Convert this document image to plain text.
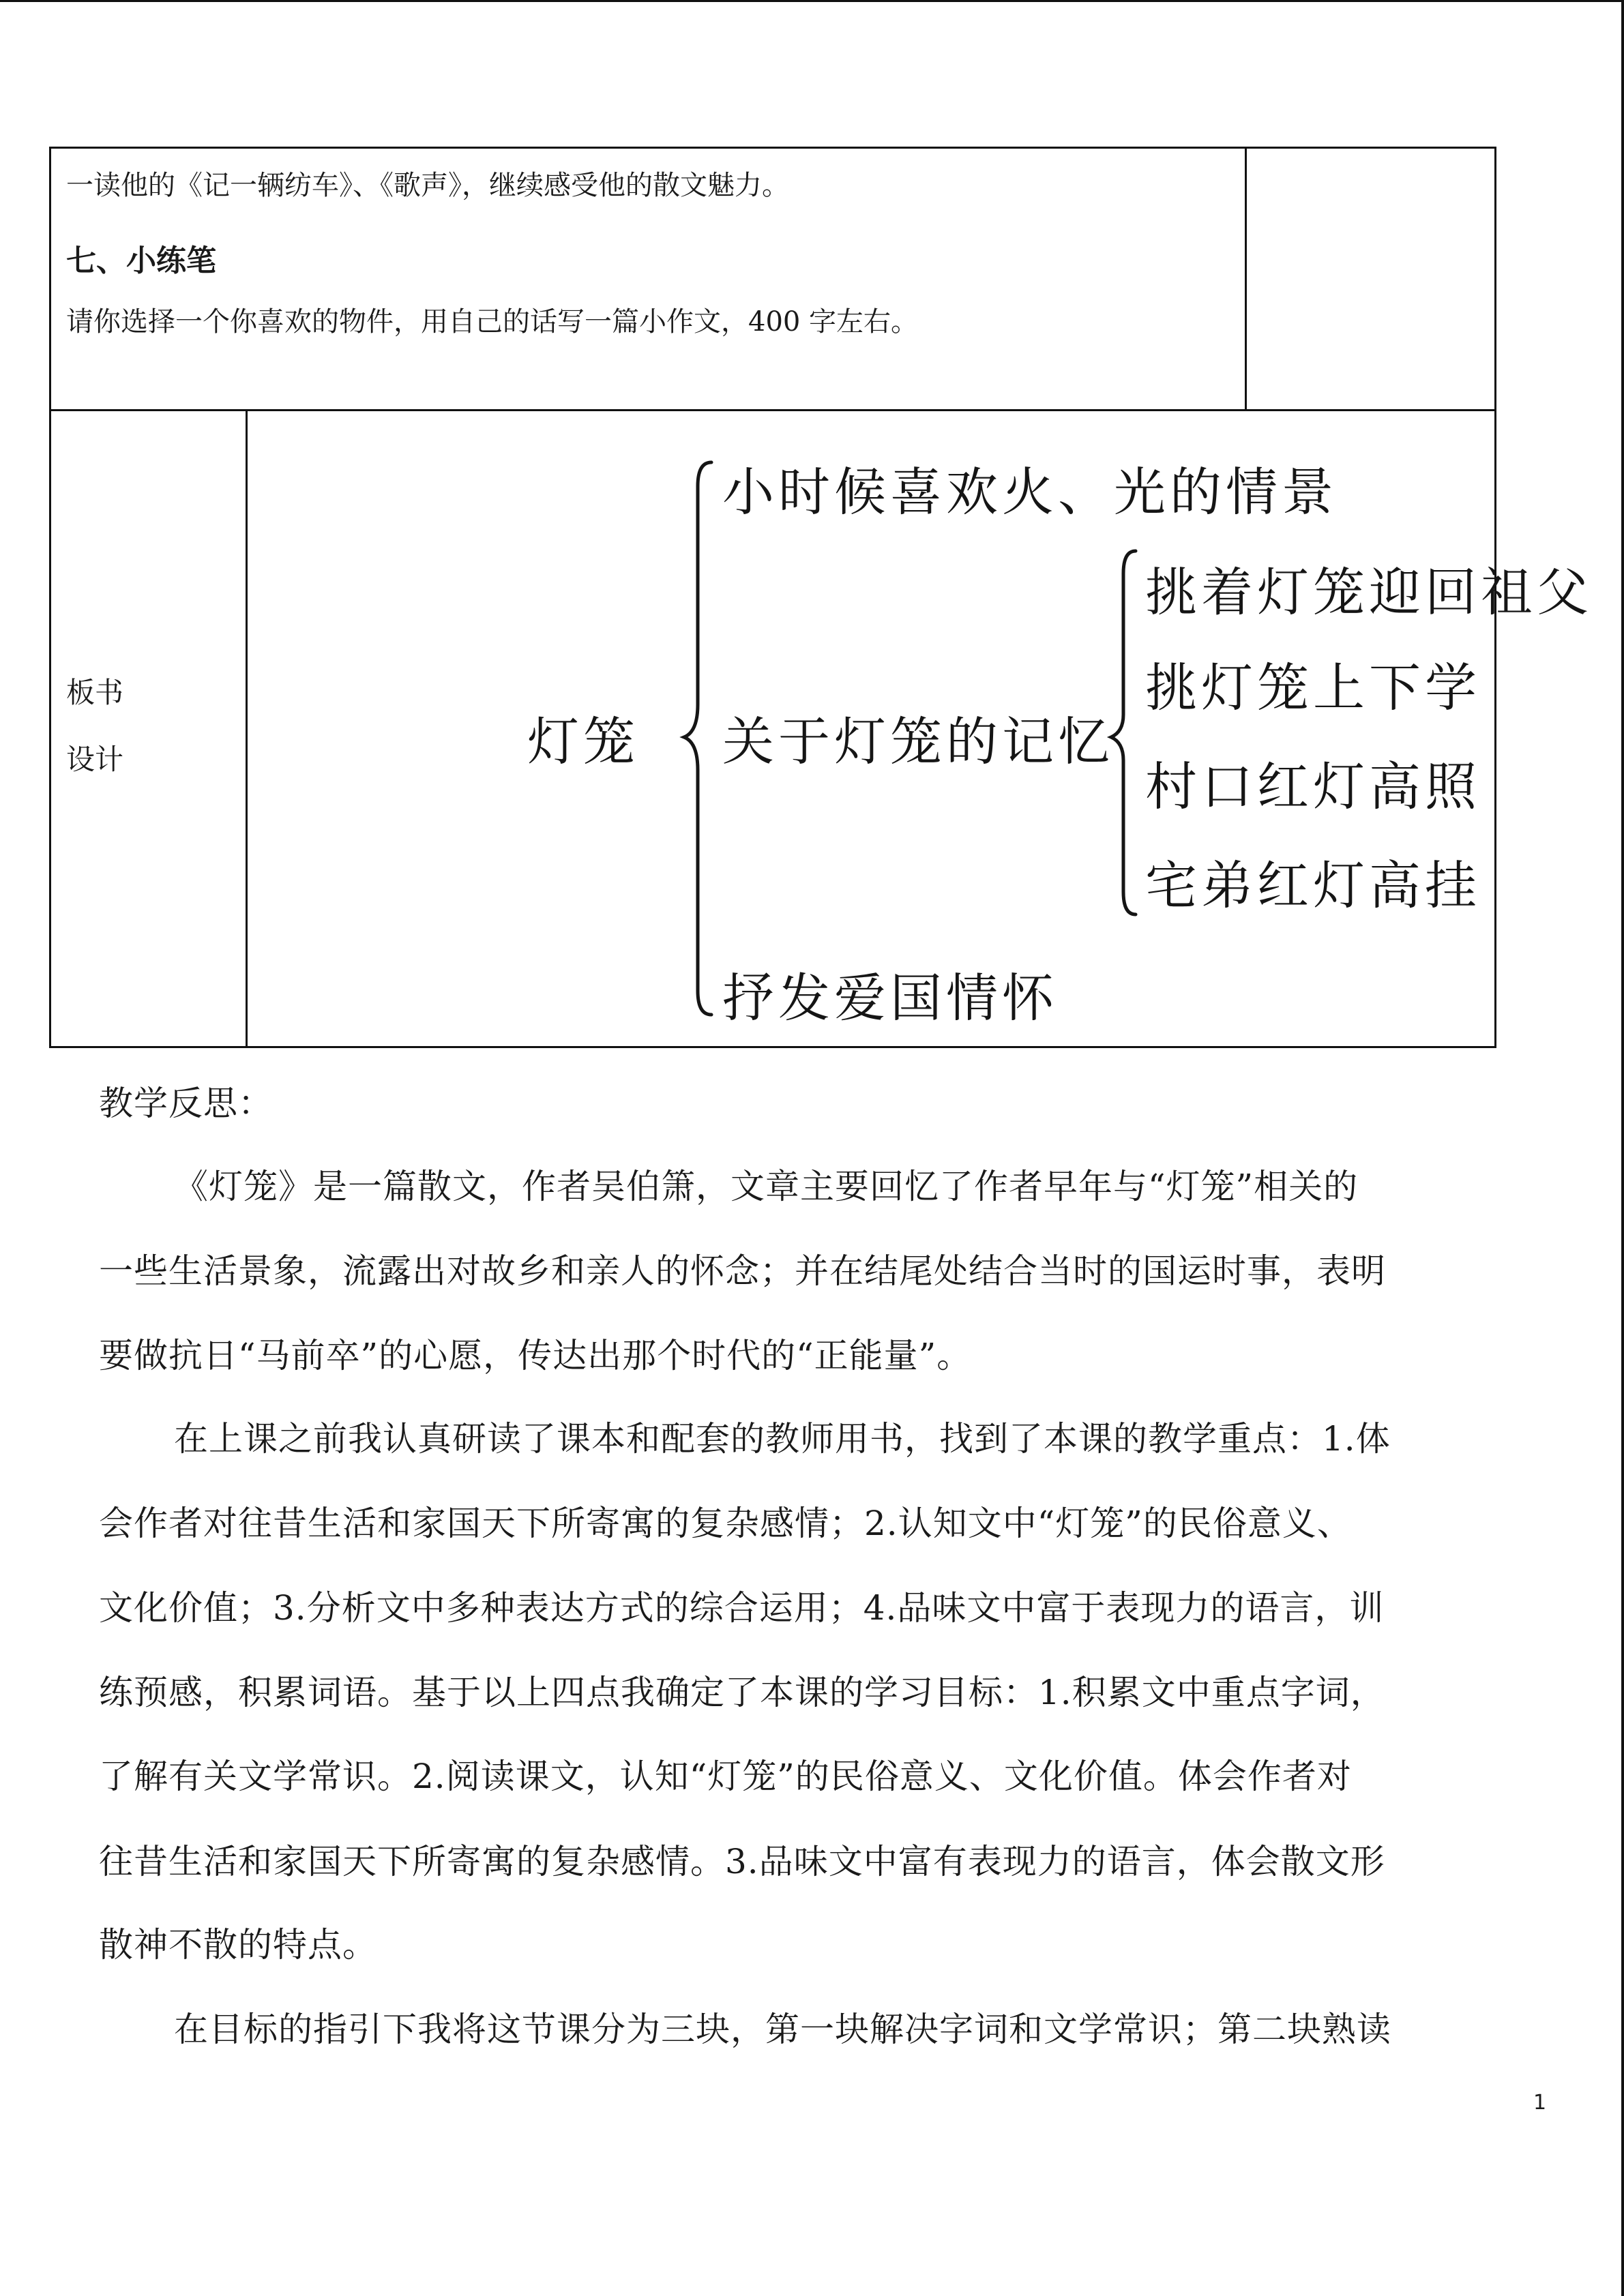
一读他的《记一辆纺车》、《歌声》，继续感受他的散文魅力。
七、小练笔
请你选择一个你喜欢的物件，用自己的话写一篇小作文，400 字左右。
板书
设计	灯笼
小时候喜欢火、光的情景
关于灯笼的记忆
挑着灯笼迎回祖父
挑灯笼上下学
村口红灯高照
宅弟红灯高挂
抒发爱国情怀
教学反思：
《灯笼》是一篇散文，作者吴伯箫，文章主要回忆了作者早年与“灯笼”相关的
一些生活景象，流露出对故乡和亲人的怀念；并在结尾处结合当时的国运时事，表明
要做抗日“马前卒”的心愿，传达出那个时代的“正能量”。
在上课之前我认真研读了课本和配套的教师用书，找到了本课的教学重点：1.体
会作者对往昔生活和家国天下所寄寓的复杂感情；2.认知文中“灯笼”的民俗意义、
文化价值；3.分析文中多种表达方式的综合运用；4.品味文中富于表现力的语言，训
练预感，积累词语。基于以上四点我确定了本课的学习目标：1.积累文中重点字词，
了解有关文学常识。2.阅读课文，认知“灯笼”的民俗意义、文化价值。体会作者对
往昔生活和家国天下所寄寓的复杂感情。3.品味文中富有表现力的语言，体会散文形
散神不散的特点。
在目标的指引下我将这节课分为三块，第一块解决字词和文学常识；第二块熟读
1
